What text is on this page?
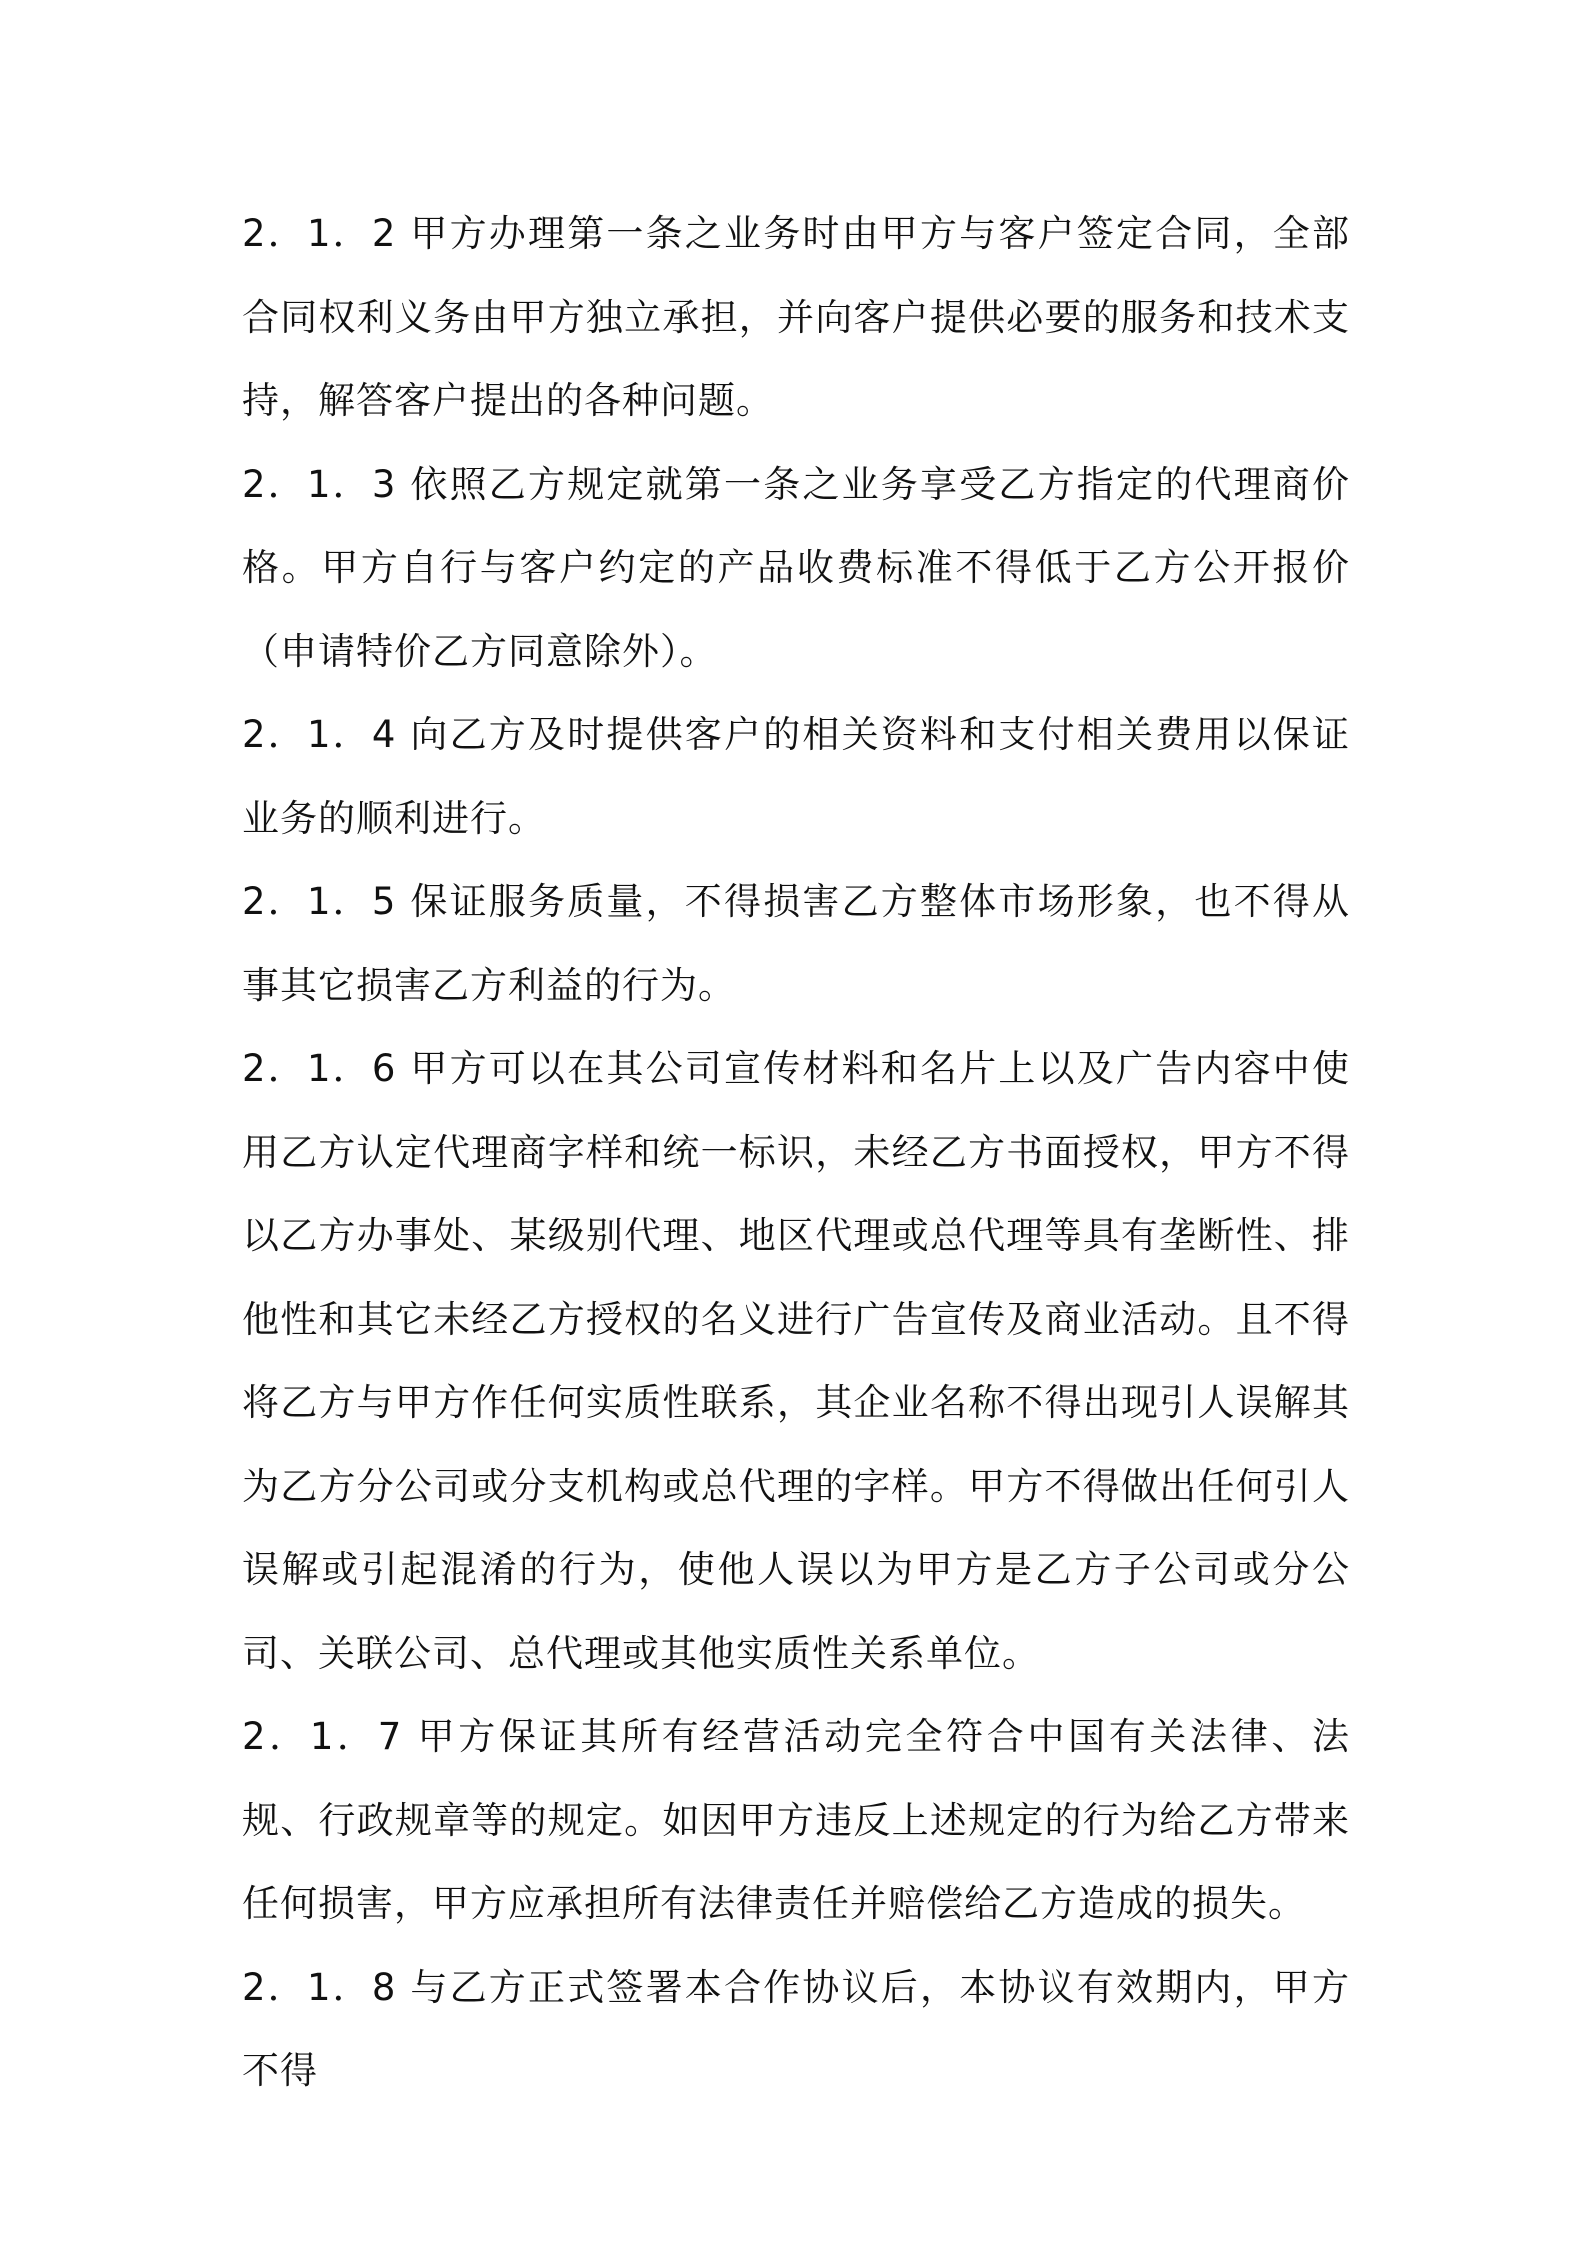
2．1．2 甲方办理第一条之业务时由甲方与客户签定合同，全部合同权利义务由甲方独立承担，并向客户提供必要的服务和技术支持，解答客户提出的各种问题。

2．1．3 依照乙方规定就第一条之业务享受乙方指定的代理商价格。甲方自行与客户约定的产品收费标准不得低于乙方公开报价（申请特价乙方同意除外）。

2．1．4 向乙方及时提供客户的相关资料和支付相关费用以保证业务的顺利进行。

2．1．5 保证服务质量，不得损害乙方整体市场形象，也不得从事其它损害乙方利益的行为。

2．1．6 甲方可以在其公司宣传材料和名片上以及广告内容中使用乙方认定代理商字样和统一标识，未经乙方书面授权，甲方不得以乙方办事处、某级别代理、地区代理或总代理等具有垄断性、排他性和其它未经乙方授权的名义进行广告宣传及商业活动。且不得将乙方与甲方作任何实质性联系，其企业名称不得出现引人误解其为乙方分公司或分支机构或总代理的字样。甲方不得做出任何引人误解或引起混淆的行为，使他人误以为甲方是乙方子公司或分公司、关联公司、总代理或其他实质性关系单位。

2．1．7 甲方保证其所有经营活动完全符合中国有关法律、法规、行政规章等的规定。如因甲方违反上述规定的行为给乙方带来任何损害，甲方应承担所有法律责任并赔偿给乙方造成的损失。

2．1．8 与乙方正式签署本合作协议后，本协议有效期内，甲方不得
